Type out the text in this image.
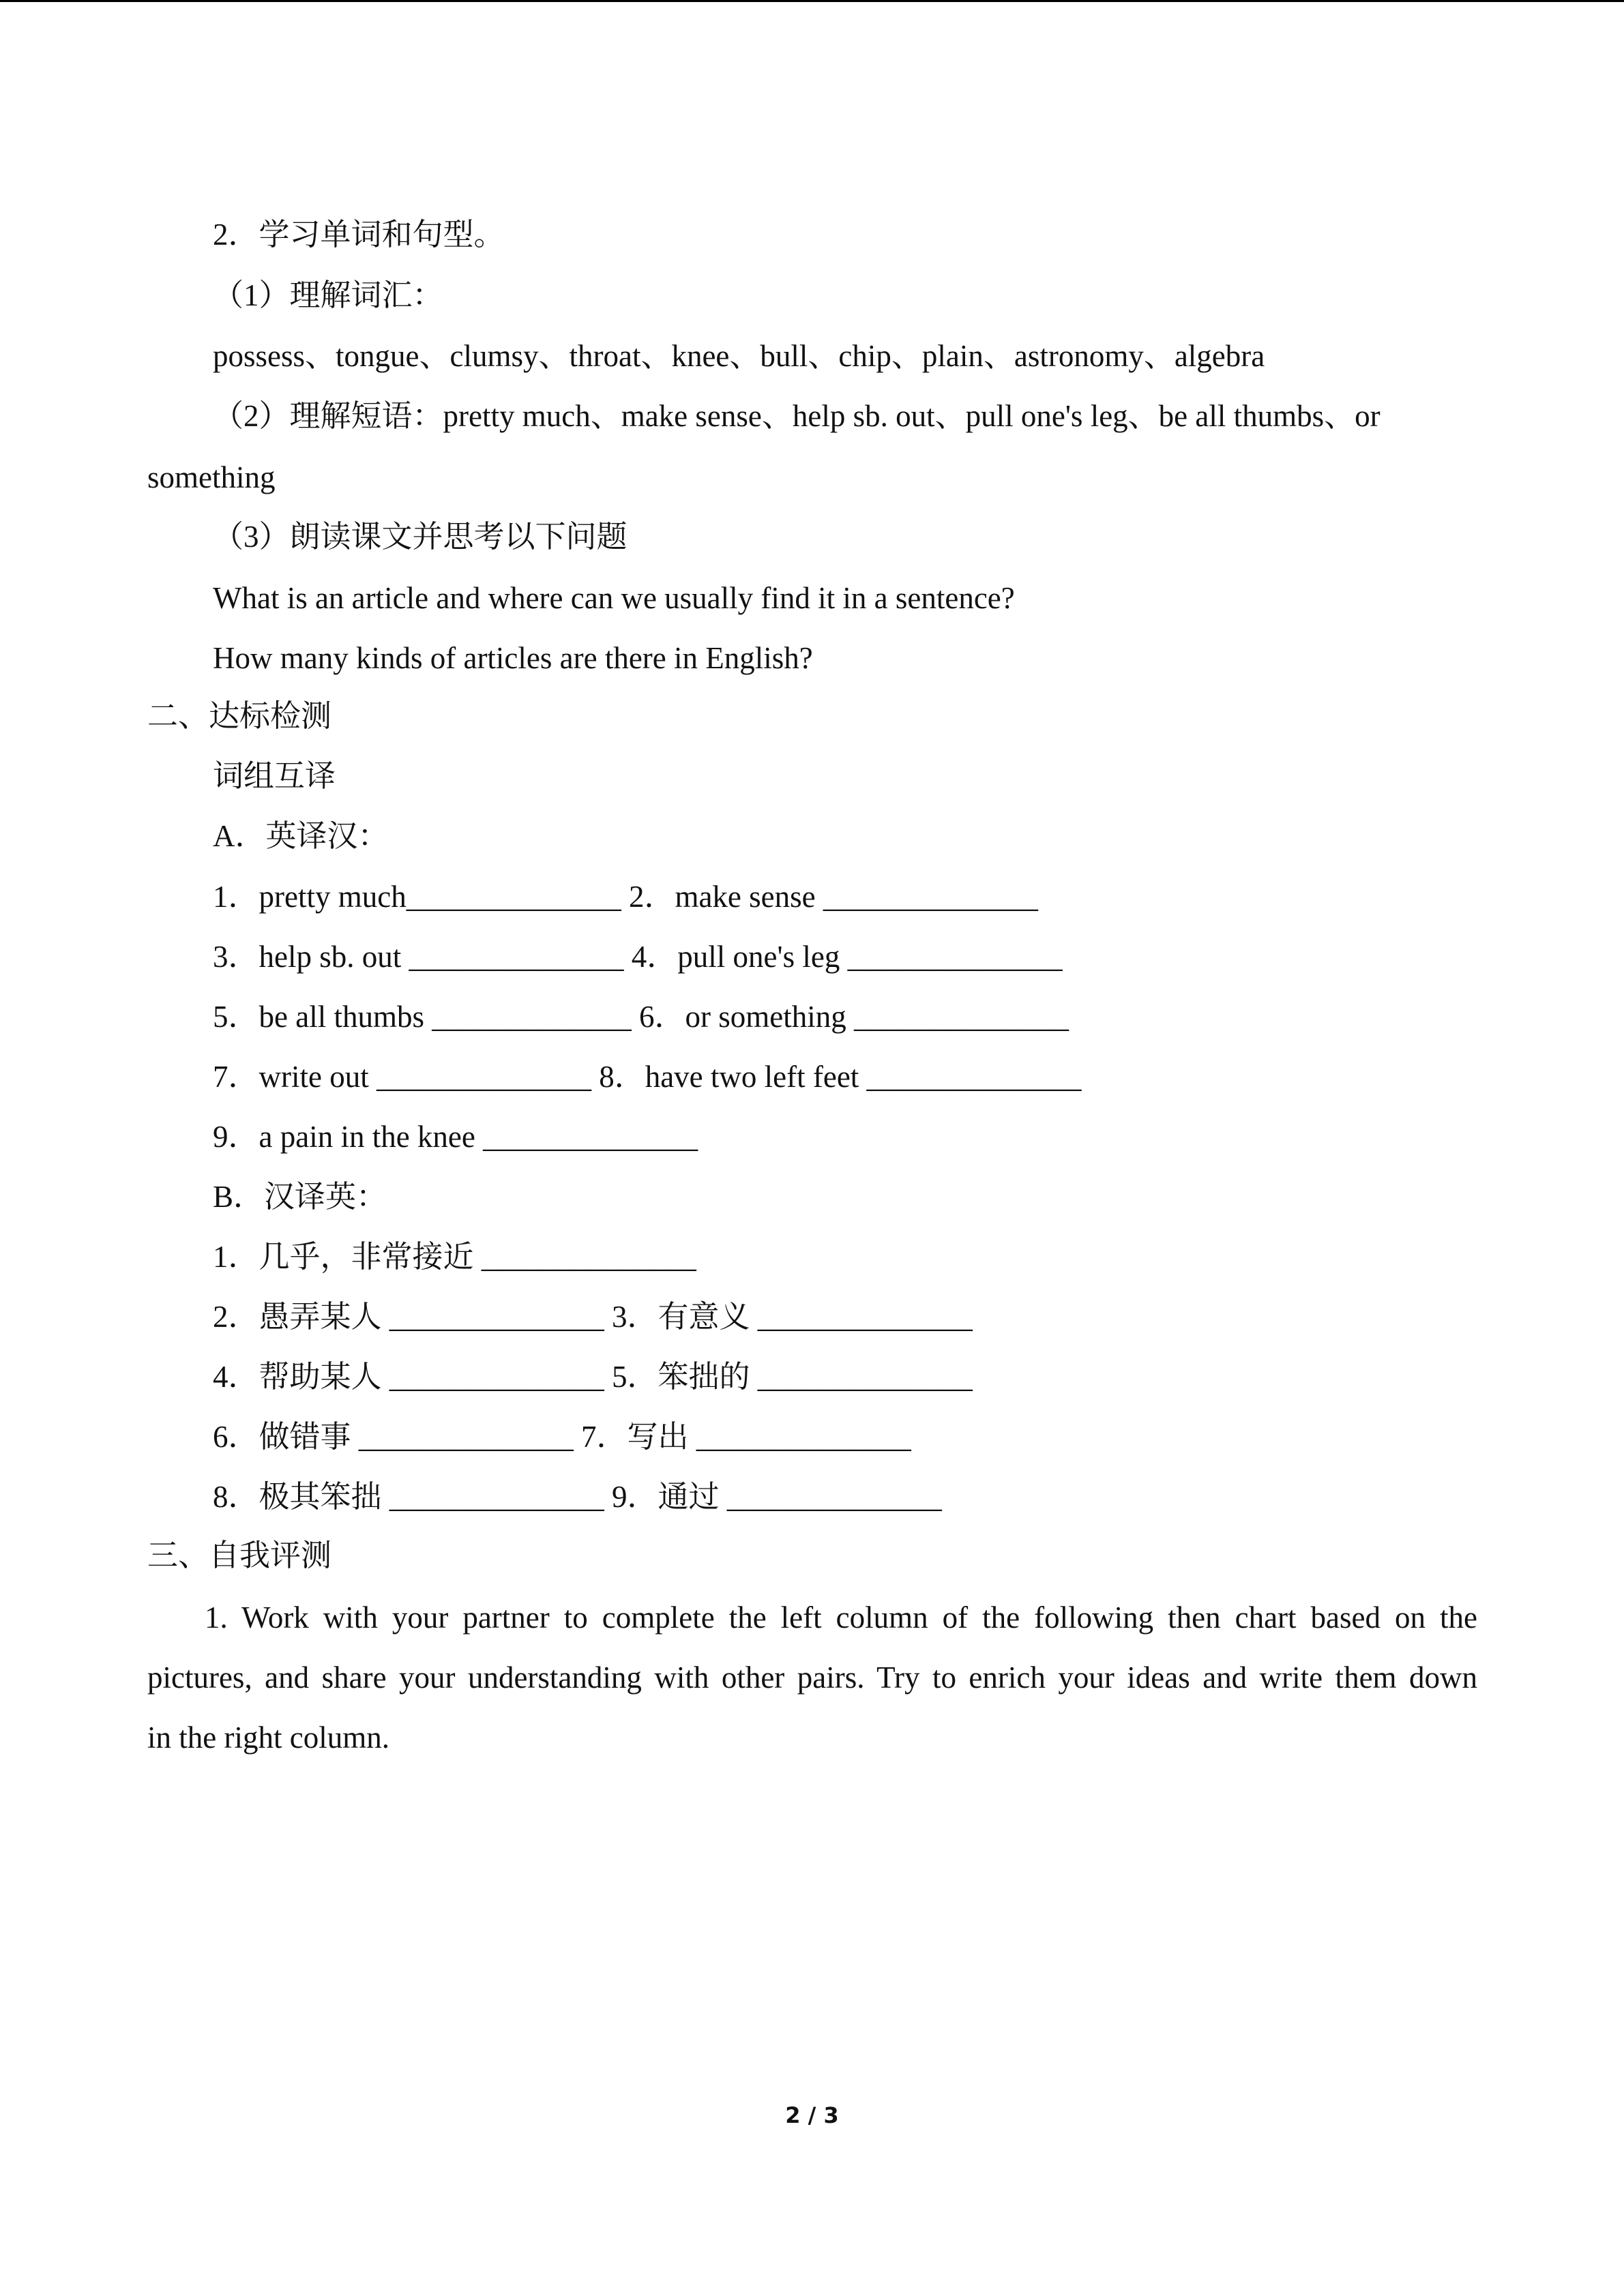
2．学习单词和句型。
（1）理解词汇：
possess、tongue、clumsy、throat、knee、bull、chip、plain、astronomy、algebra
（2）理解短语：pretty much、make sense、help sb. out、pull one's leg、be all thumbs、or
something
（3）朗读课文并思考以下问题
What is an article and where can we usually find it in a sentence?
How many kinds of articles are there in English?
二、达标检测
词组互译
A．英译汉：
1．pretty much______________ 2．make sense ______________
3．help sb. out ______________ 4．pull one's leg ______________
5．be all thumbs _____________ 6．or something ______________
7．write out ______________ 8．have two left feet ______________
9．a pain in the knee ______________
B．汉译英：
1．几乎，非常接近 ______________
2．愚弄某人 ______________ 3．有意义 ______________
4．帮助某人 ______________ 5．笨拙的 ______________
6．做错事 ______________ 7．写出 ______________
8．极其笨拙 ______________ 9．通过 ______________
三、自我评测
1. Work with your partner to complete the left column of the following then chart based on the
pictures, and share your understanding with other pairs. Try to enrich your ideas and write them down
in the right column.
2 / 3
